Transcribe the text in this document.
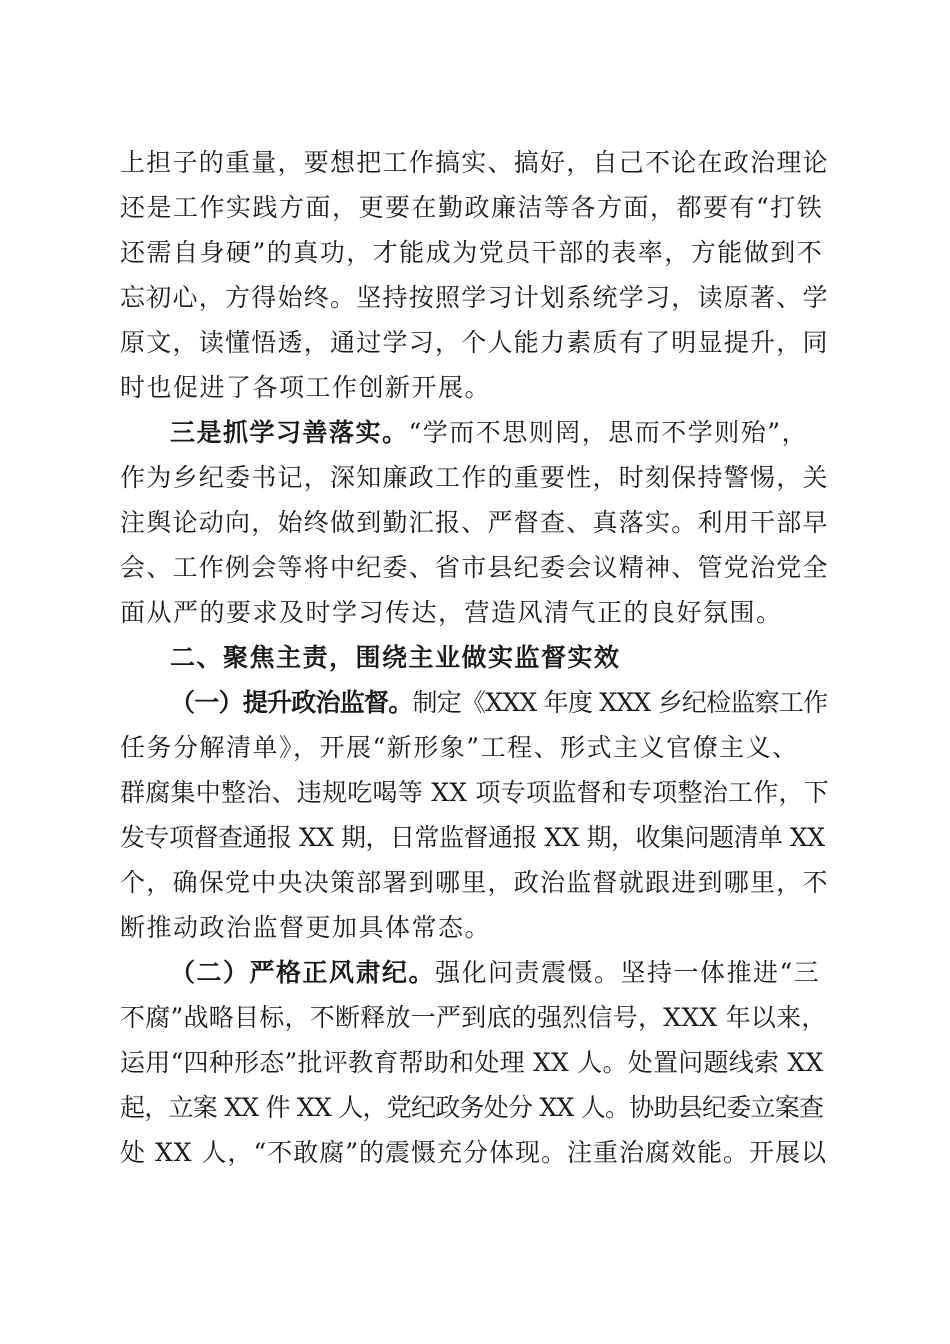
上担子的重量，要想把工作搞实、搞好，自己不论在政治理论
还是工作实践方面，更要在勤政廉洁等各方面，都要有“打铁
还需自身硬”的真功，才能成为党员干部的表率，方能做到不
忘初心，方得始终。坚持按照学习计划系统学习，读原著、学
原文，读懂悟透，通过学习，个人能力素质有了明显提升，同
时也促进了各项工作创新开展。
三是抓学习善落实。“学而不思则罔，思而不学则殆”，
作为乡纪委书记，深知廉政工作的重要性，时刻保持警惕，关
注舆论动向，始终做到勤汇报、严督查、真落实。利用干部早
会、工作例会等将中纪委、省市县纪委会议精神、管党治党全
面从严的要求及时学习传达，营造风清气正的良好氛围。
二、聚焦主责，围绕主业做实监督实效
（一）提升政治监督。制定《XXX 年度 XXX 乡纪检监察工作
任务分解清单》，开展“新形象”工程、形式主义官僚主义、
群腐集中整治、违规吃喝等 XX 项专项监督和专项整治工作，下
发专项督查通报 XX 期，日常监督通报 XX 期，收集问题清单 XX
个，确保党中央决策部署到哪里，政治监督就跟进到哪里，不
断推动政治监督更加具体常态。
（二）严格正风肃纪。强化问责震慑。坚持一体推进“三
不腐”战略目标，不断释放一严到底的强烈信号，XXX 年以来，
运用“四种形态”批评教育帮助和处理 XX 人。处置问题线索 XX
起，立案 XX 件 XX 人，党纪政务处分 XX 人。协助县纪委立案查
处 XX 人，“不敢腐”的震慑充分体现。注重治腐效能。开展以
